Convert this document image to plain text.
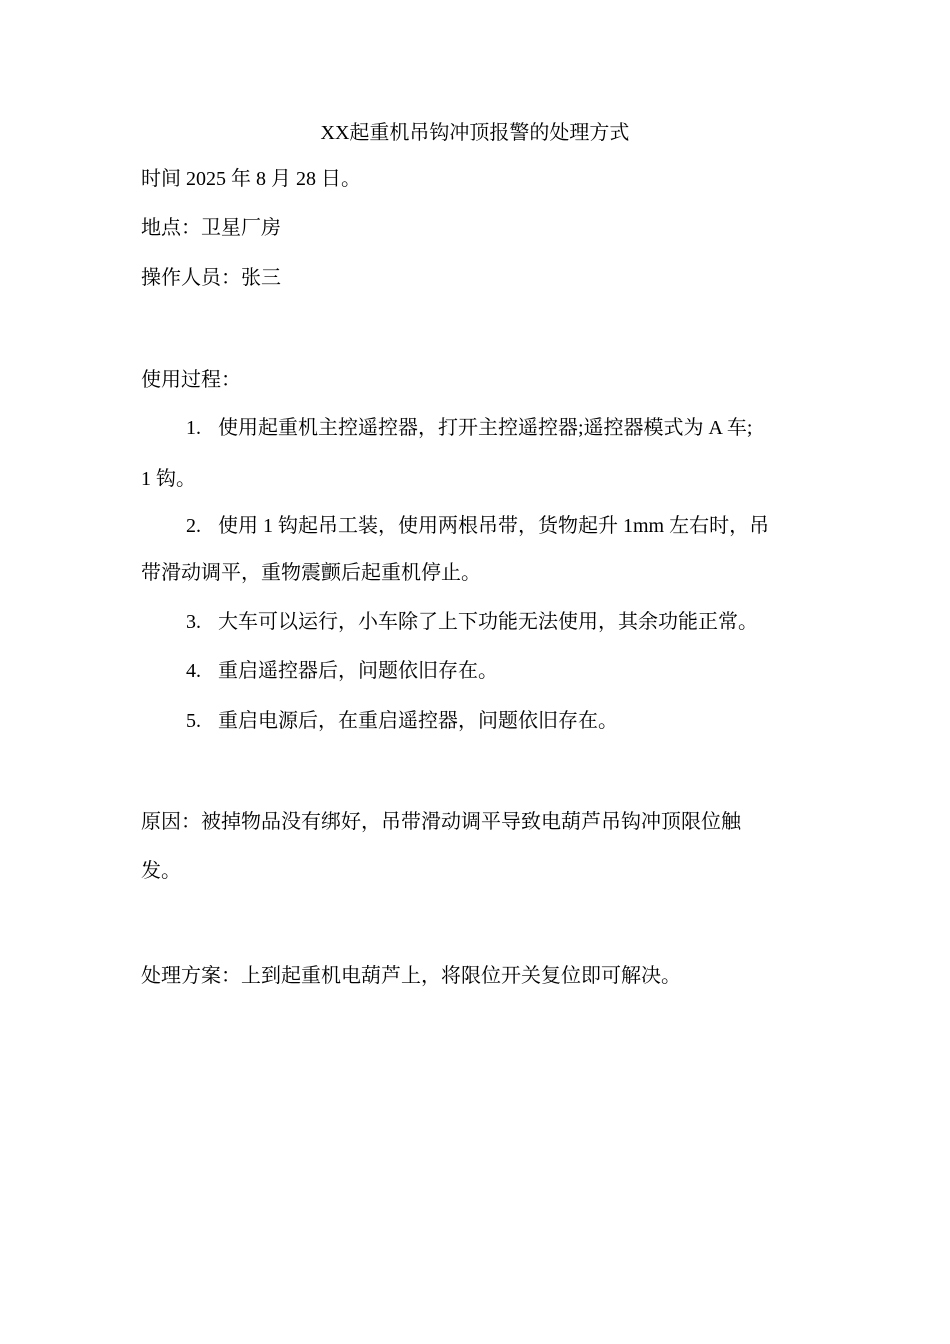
XX起重机吊钩冲顶报警的处理方式
时间 2025 年 8 月 28 日。
地点：卫星厂房
操作人员：张三
使用过程：
1. 使用起重机主控遥控器，打开主控遥控器;遥控器模式为 A 车;
1 钩。
2. 使用 1 钩起吊工装，使用两根吊带，货物起升 1mm 左右时，吊
带滑动调平，重物震颤后起重机停止。
3. 大车可以运行，小车除了上下功能无法使用，其余功能正常。
4. 重启遥控器后，问题依旧存在。
5. 重启电源后，在重启遥控器，问题依旧存在。
原因：被掉物品没有绑好，吊带滑动调平导致电葫芦吊钩冲顶限位触
发。
处理方案：上到起重机电葫芦上，将限位开关复位即可解决。
